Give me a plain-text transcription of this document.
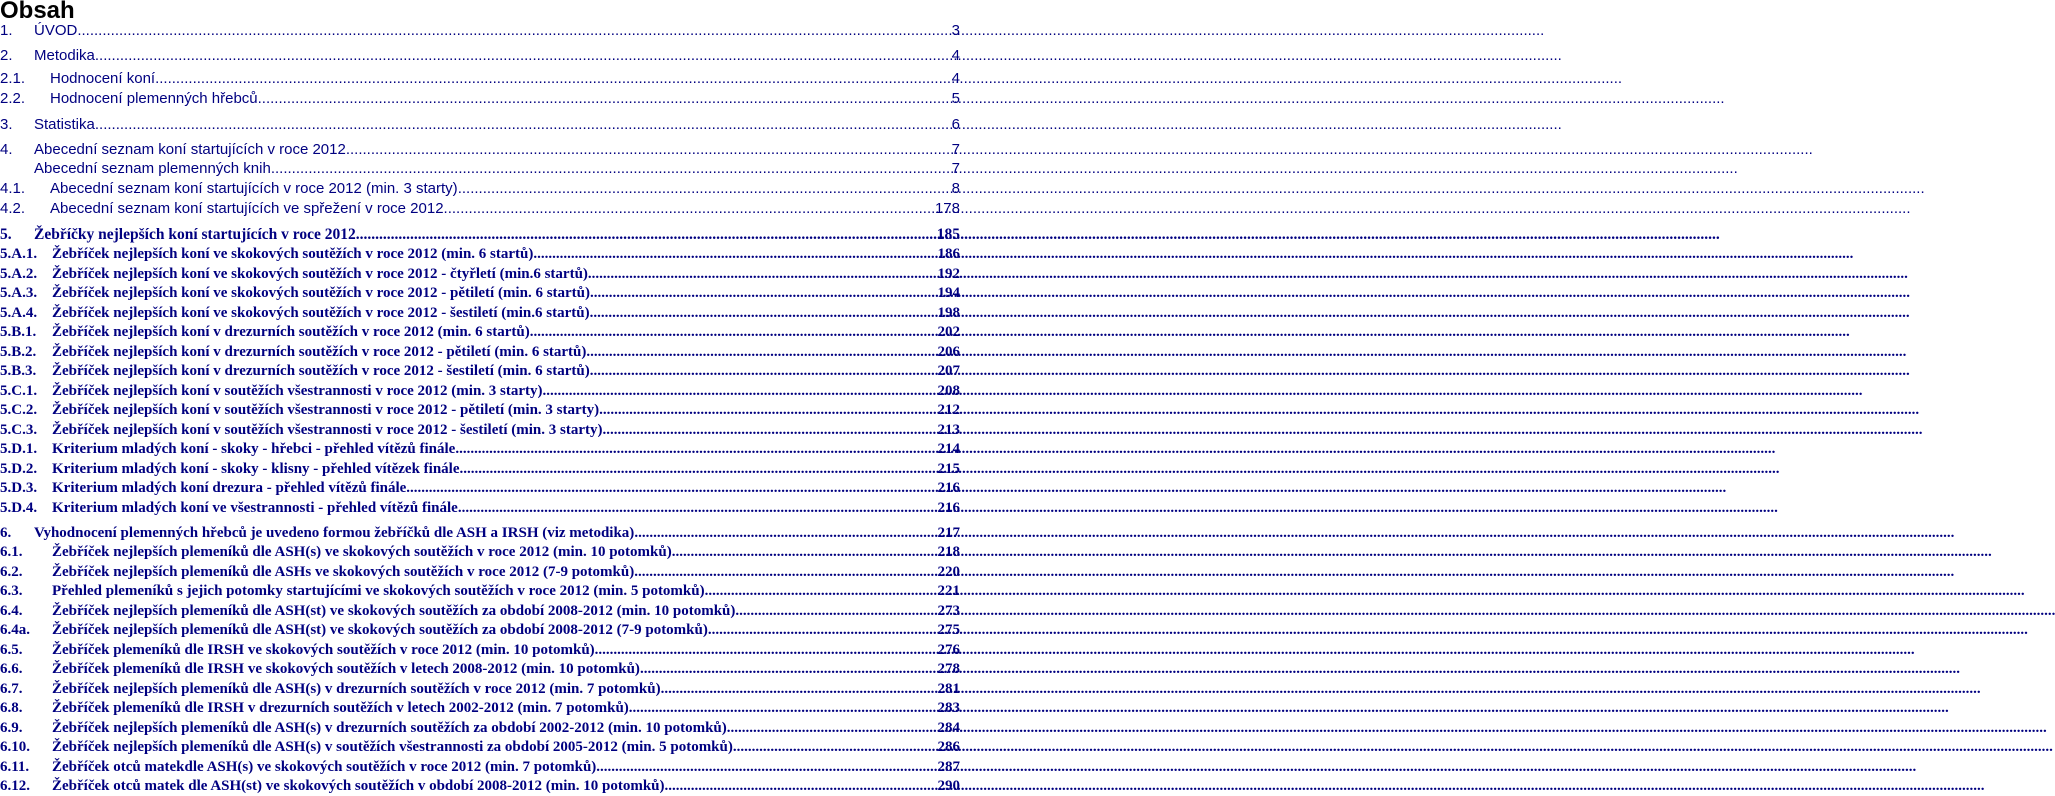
Obsah
1.	ÚVOD .....	3
2.	Metodika .....	4
2.1.	Hodnocení koní .....	4
2.2.	Hodnocení plemenných hřebců .....	5
3.	Statistika .....	6
4.	Abecední seznam koní startujících v roce 2012 .....	7
Abecední seznam plemenných knih .....	7
4.1.	Abecední seznam koní startujících v roce 2012 (min. 3 starty) .....	8
4.2.	Abecední seznam koní startujících ve spřežení v roce 2012 .....	178
5.	Žebříčky nejlepších koní startujících v roce 2012 .....	185
5.A.1. Žebříček nejlepších koní ve skokových soutěžích v roce 2012 (min. 6 startů) .....	186
5.A.2. Žebříček nejlepších koní ve skokových soutěžích v roce 2012 - čtyřletí (min.6 startů) .....	192
5.A.3. Žebříček nejlepších koní ve skokových soutěžích v roce 2012 - pětiletí (min. 6 startů) .....	194
5.A.4. Žebříček nejlepších koní ve skokových soutěžích v roce 2012 - šestiletí (min.6 startů) .....	198
5.B.1.	Žebříček nejlepších koní v drezurních soutěžích v roce 2012 (min. 6 startů) .....	202
5.B.2.	Žebříček nejlepších koní v drezurních soutěžích v roce 2012 - pětiletí (min. 6 startů) .....	206
5.B.3.	Žebříček nejlepších koní v drezurních soutěžích v roce 2012 - šestiletí (min. 6 startů) .....	207
5.C.1. Žebříček nejlepších koní v soutěžích všestrannosti v roce 2012 (min. 3 starty) .....	208
5.C.2. Žebříček nejlepších koní v soutěžích všestrannosti v roce 2012 - pětiletí (min. 3 starty) .....	212
5.C.3. Žebříček nejlepších koní v soutěžích všestrannosti v roce 2012 - šestiletí (min. 3 starty) .....	213
5.D.1. Kriterium mladých koní - skoky - hřebci - přehled vítězů finále .....	214
5.D.2. Kriterium mladých koní - skoky - klisny - přehled vítězek finále .....	215
5.D.3. Kriterium mladých koní drezura - přehled vítězů finále .....	216
5.D.4. Kriterium mladých koní ve všestrannosti - přehled vítězů finále .....	216
6.	Vyhodnocení plemenných hřebců je uvedeno formou žebříčků dle ASH a IRSH (viz metodika) .....	217
6.1.	Žebříček nejlepších plemeníků dle ASH(s) ve skokových soutěžích v roce 2012 (min. 10 potomků) .....	218
6.2.	Žebříček nejlepších plemeníků dle ASHs ve skokových soutěžích v roce 2012 (7-9 potomků) .....	220
6.3.	Přehled plemeníků s jejich potomky startujícími ve skokových soutěžích v roce 2012 (min. 5 potomků) .....	221
6.4.	Žebříček nejlepších plemeníků dle ASH(st) ve skokových soutěžích za období 2008-2012 (min. 10 potomků) .....	273
6.4a.	Žebříček nejlepších plemeníků dle ASH(st) ve skokových soutěžích za období 2008-2012 (7-9 potomků) .....	275
6.5.	Žebříček plemeníků dle IRSH ve skokových soutěžích v roce 2012 (min. 10 potomků) .....	276
6.6.	Žebříček plemeníků dle IRSH ve skokových soutěžích v letech 2008-2012 (min. 10 potomků) .....	278
6.7.	Žebříček nejlepších plemeníků dle ASH(s) v drezurních soutěžích v roce 2012 (min. 7 potomků) .....	281
6.8.	Žebříček plemeníků dle IRSH v drezurních soutěžích v letech 2002-2012 (min. 7 potomků) .....	283
6.9.	Žebříček nejlepších plemeníků dle ASH(s) v drezurních soutěžích za období 2002-2012 (min. 10 potomků) .....	284
6.10.	Žebříček nejlepších plemeníků dle ASH(s) v soutěžích všestrannosti za období 2005-2012 (min. 5 potomků) .....	286
6.11.	Žebříček otců matekdle ASH(s) ve skokových soutěžích v roce 2012 (min. 7 potomků) .....	287
6.12.	Žebříček otců matek dle ASH(st) ve skokových soutěžích v období 2008-2012 (min. 10 potomků) .....	290
